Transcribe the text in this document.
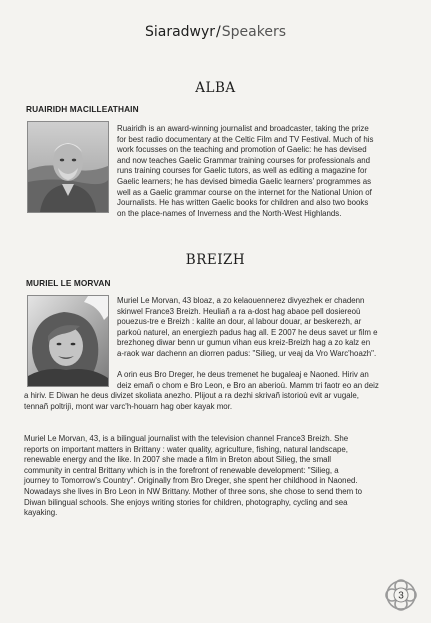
Siaradwyr/Speakers
ALBA
RUAIRIDH MACILLEATHAIN

Ruairidh is an award-winning journalist and broadcaster, taking the prize
for best radio documentary at the Celtic Film and TV Festival. Much of his
work focusses on the teaching and promotion of Gaelic: he has devised
and now teaches Gaelic Grammar training courses for professionals and
runs training courses for Gaelic tutors, as well as editing a magazine for
Gaelic learners; he has devised bimedia Gaelic learners' programmes as
well as a Gaelic grammar course on the internet for the National Union of
Journalists. He has written Gaelic books for children and also two books
on the place-names of Inverness and the North-West Highlands.

BREIZH
MURIEL LE MORVAN

Muriel Le Morvan, 43 bloaz, a zo kelaouennerez divyezhek er chadenn
skinwel France3 Breizh. Heuliañ a ra a-dost hag abaoe pell dosiereoù
pouezus-tre e Breizh : kalite an dour, al labour douar, ar beskerezh, ar
parkoù naturel, an energiezh padus hag all. E 2007 he deus savet ur film e
brezhoneg diwar benn ur gumun vihan eus kreiz-Breizh hag a zo kalz en
a-raok war dachenn an diorren padus: "Silieg, ur veaj da Vro Warc'hoazh".

A orin eus Bro Dreger, he deus tremenet he bugaleaj e Naoned. Hiriv an
deiz emañ o chom e Bro Leon, e Bro an aberioù. Mamm tri faotr eo an deiz

a hiriv. E Diwan he deus divizet skoliata anezho. Plijout a ra dezhi skrivañ istorioù evit ar vugale,
tennañ poltrijì, mont war varc'h-houarn hag ober kayak mor.

Muriel Le Morvan, 43, is a bilingual journalist with the television channel France3 Breizh. She
reports on important matters in Brittany : water quality, agriculture, fishing, natural landscape,
renewable energy and the like. In 2007 she made a film in Breton about Silieg, the small
community in central Brittany which is in the forefront of renewable development: "Silieg, a
journey to Tomorrow's Country". Originally from Bro Dreger, she spent her childhood in Naoned.
Nowadays she lives in Bro Leon in NW Brittany. Mother of three sons, she chose to send them to
Diwan bilingual schools. She enjoys writing stories for children, photography, cycling and sea
kayaking.

3
